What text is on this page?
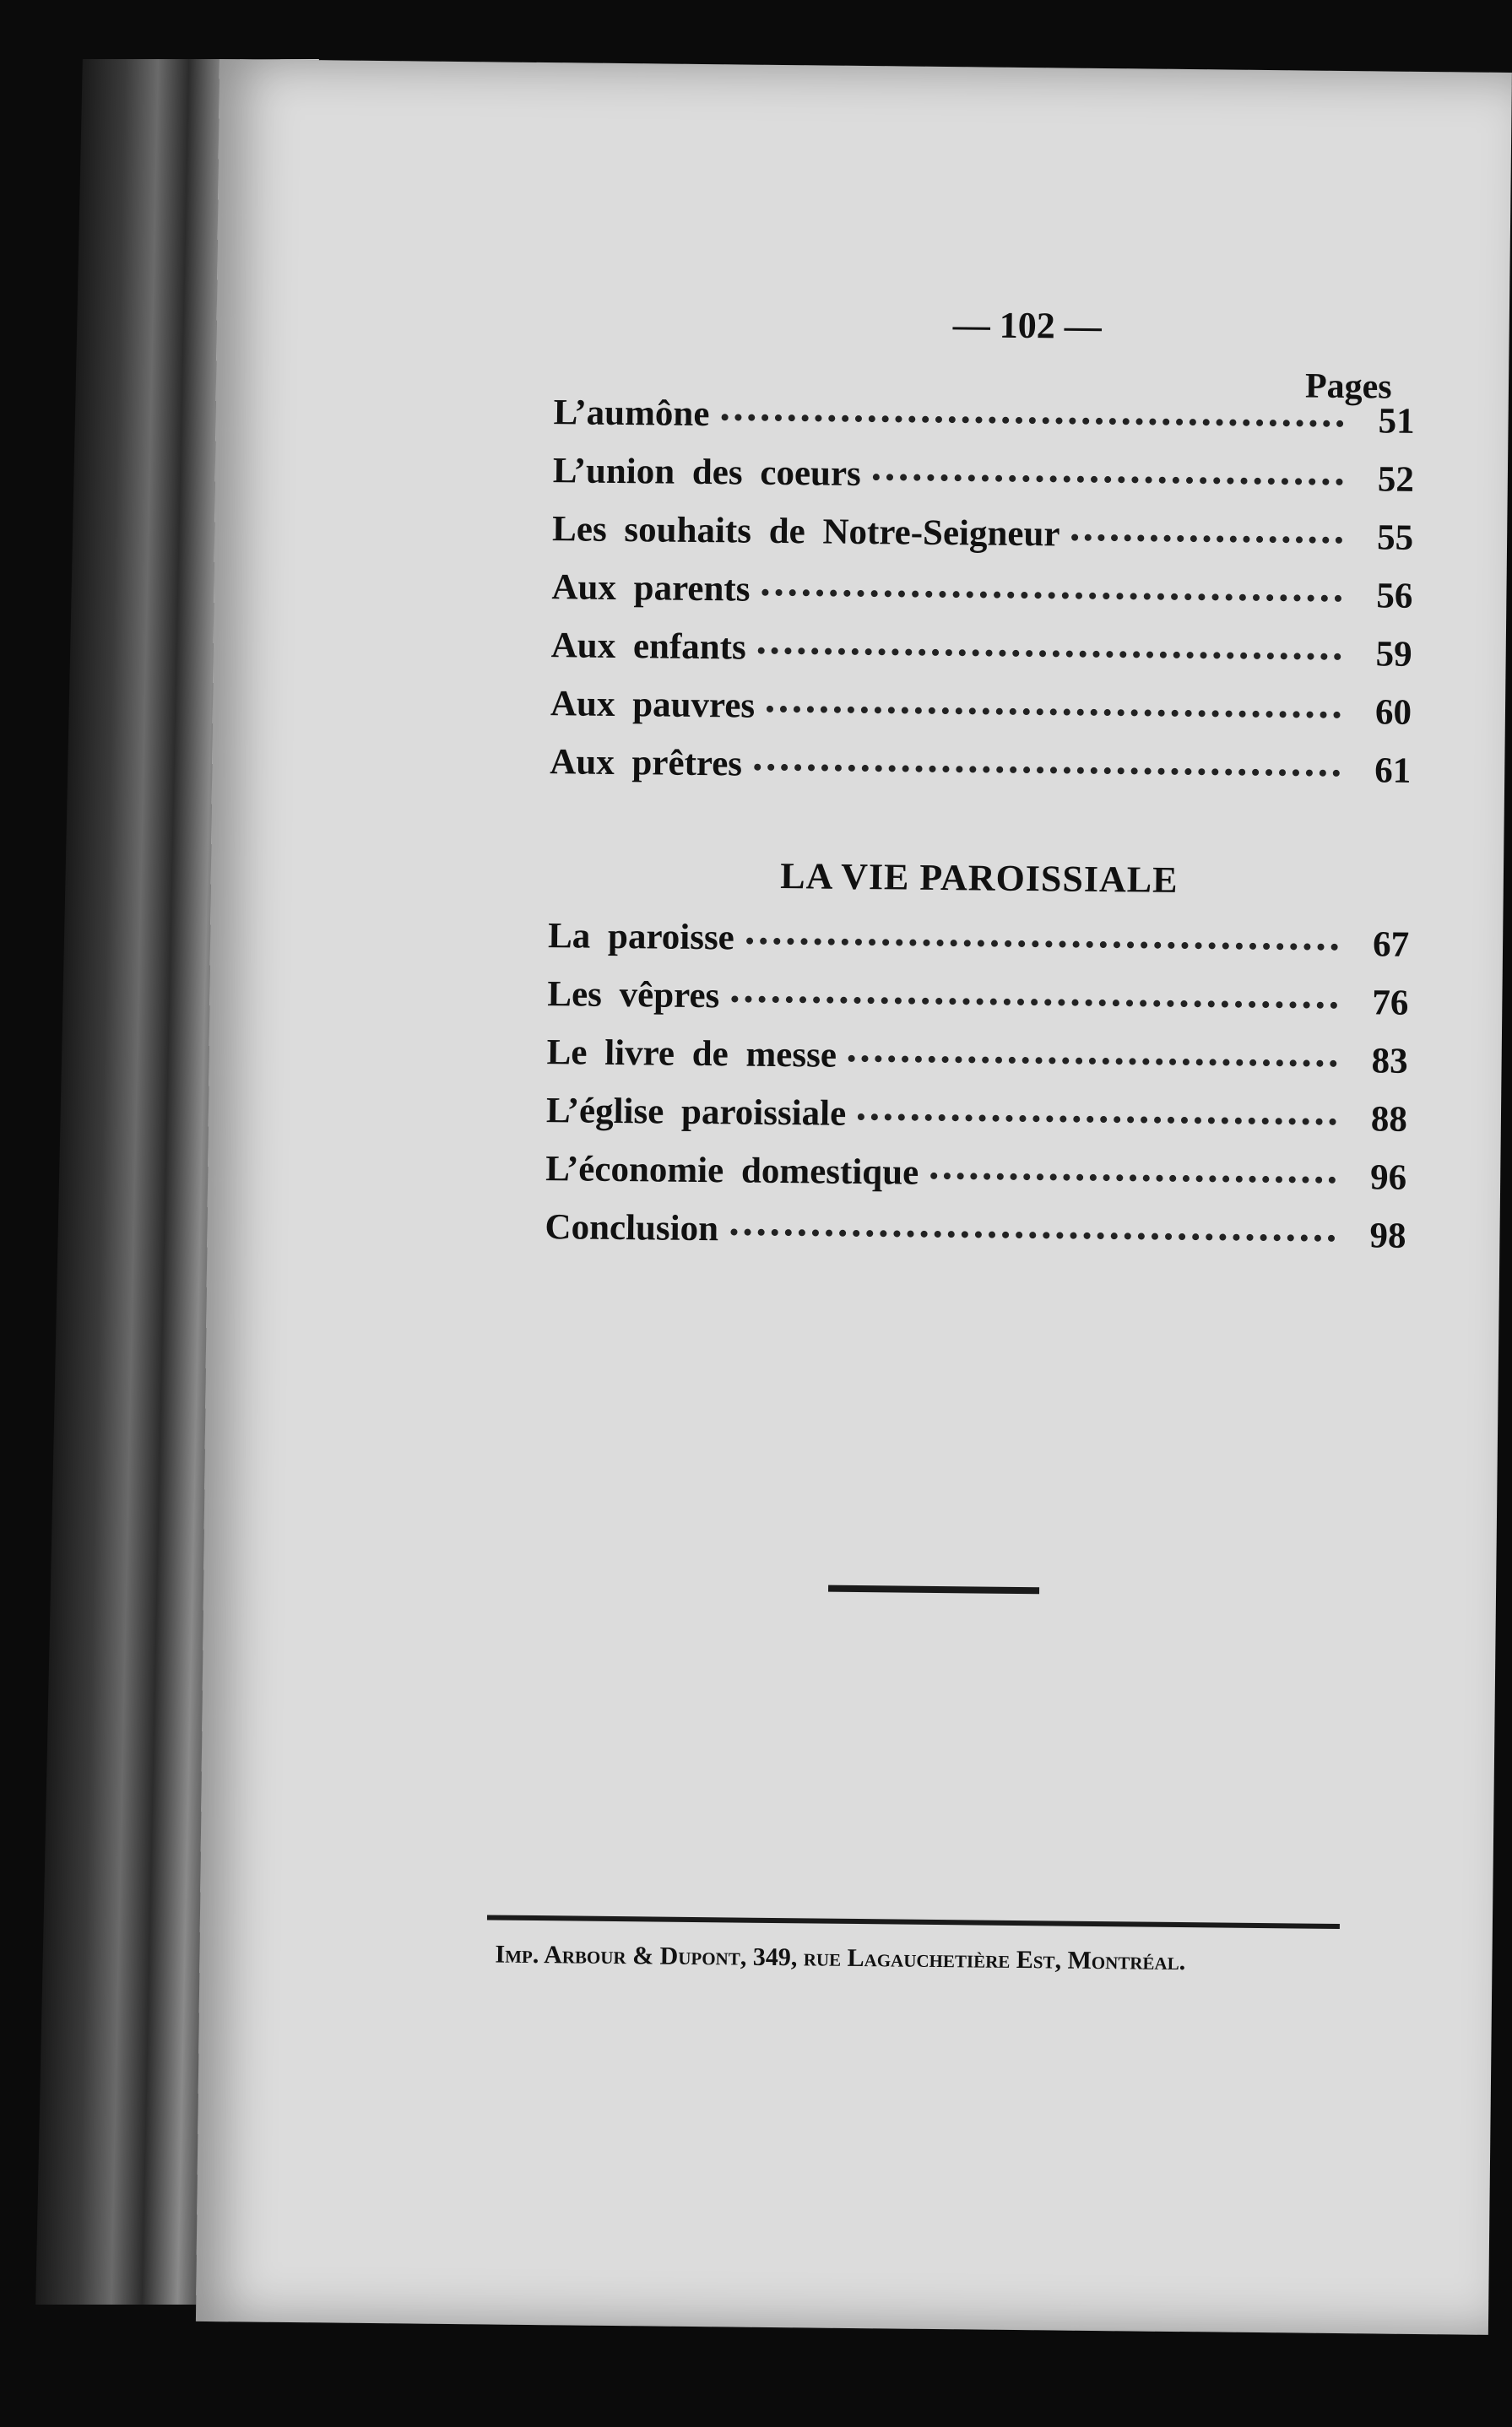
— 102 —
Pages
L’aumône	51
L’union des coeurs	52
Les souhaits de Notre-Seigneur	55
Aux parents	56
Aux enfants	59
Aux pauvres	60
Aux prêtres	61
LA VIE PAROISSIALE
La paroisse	67
Les vêpres	76
Le livre de messe	83
L’église paroissiale	88
L’économie domestique	96
Conclusion	98
Imp. Arbour & Dupont, 349, rue Lagauchetière Est, Montréal.
